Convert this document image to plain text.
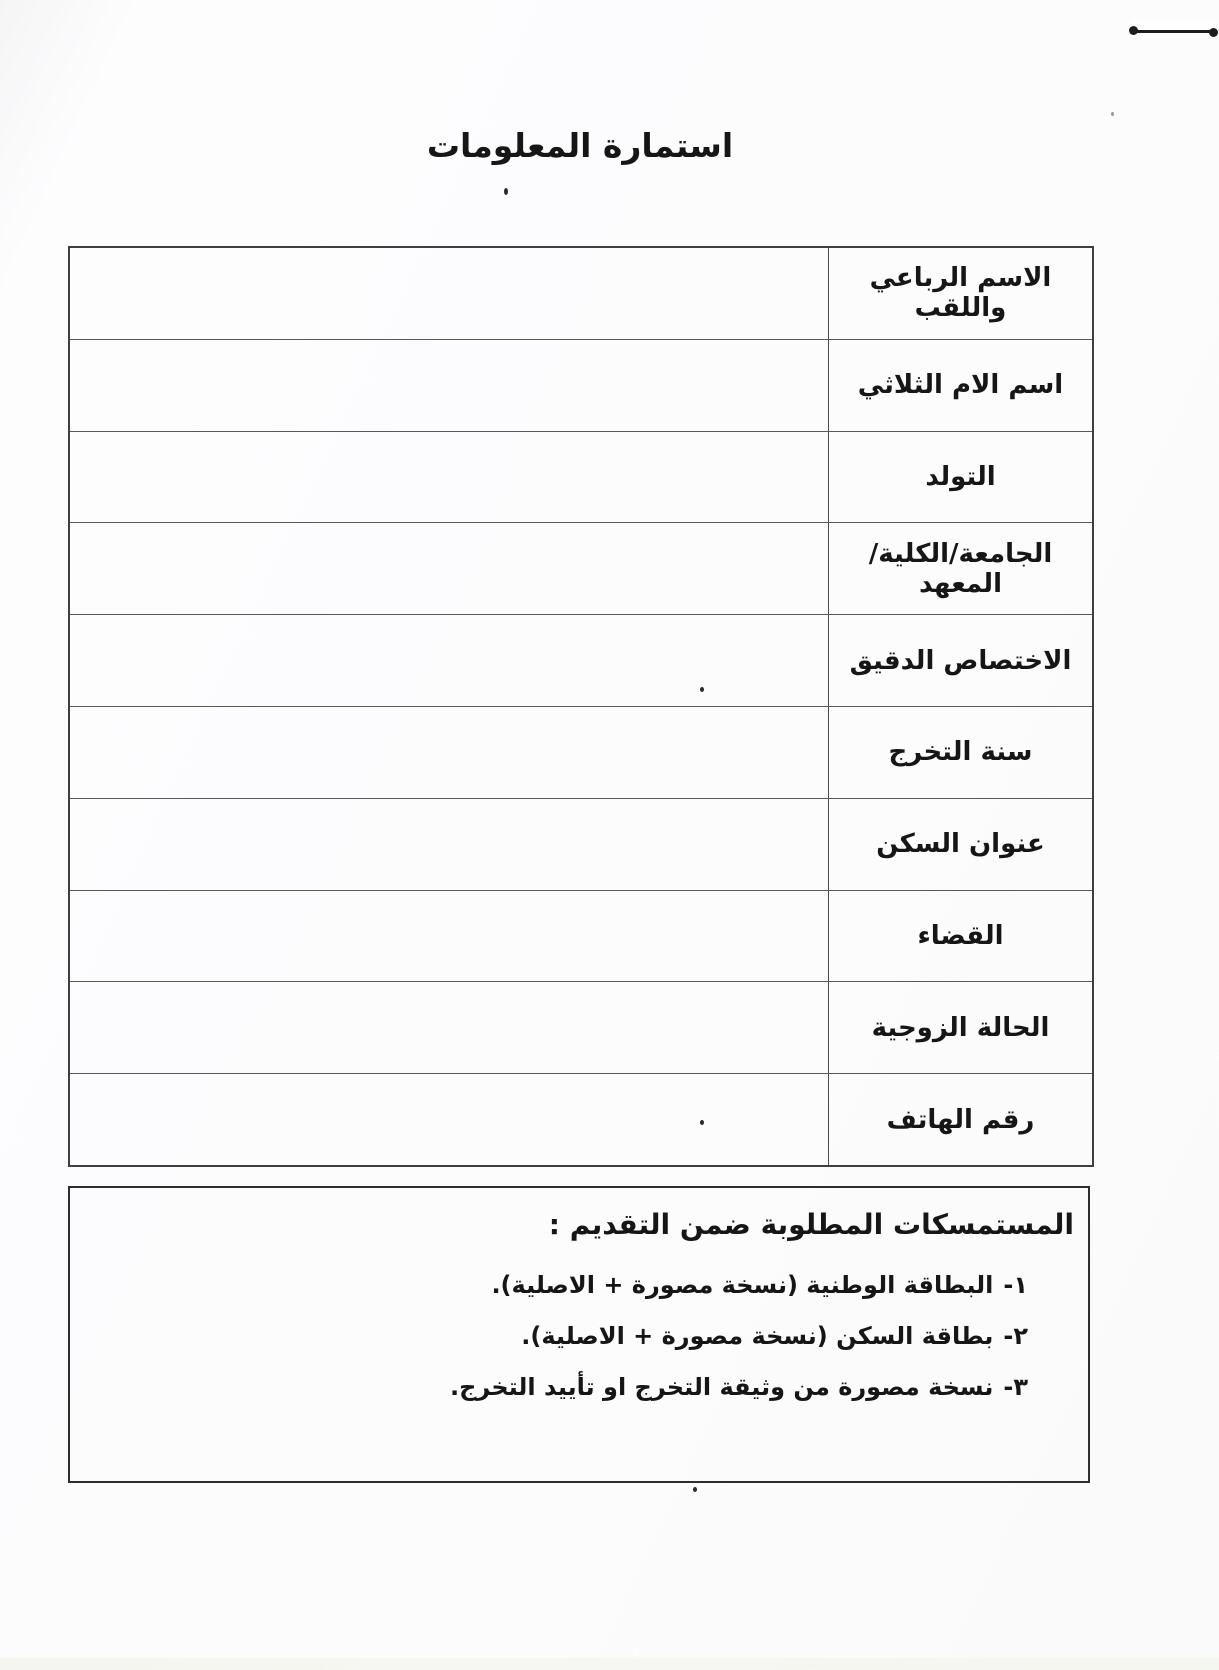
استمارة المعلومات
الاسم الرباعي واللقب
اسم الام الثلاثي
التولد
الجامعة/الكلية/المعهد
الاختصاص الدقيق
سنة التخرج
عنوان السكن
القضاء
الحالة الزوجية
رقم الهاتف
المستمسكات المطلوبة ضمن التقديم :
١-البطاقة الوطنية (نسخة مصورة + الاصلية).
٢-بطاقة السكن (نسخة مصورة + الاصلية).
٣-نسخة مصورة من وثيقة التخرج او تأييد التخرج.
